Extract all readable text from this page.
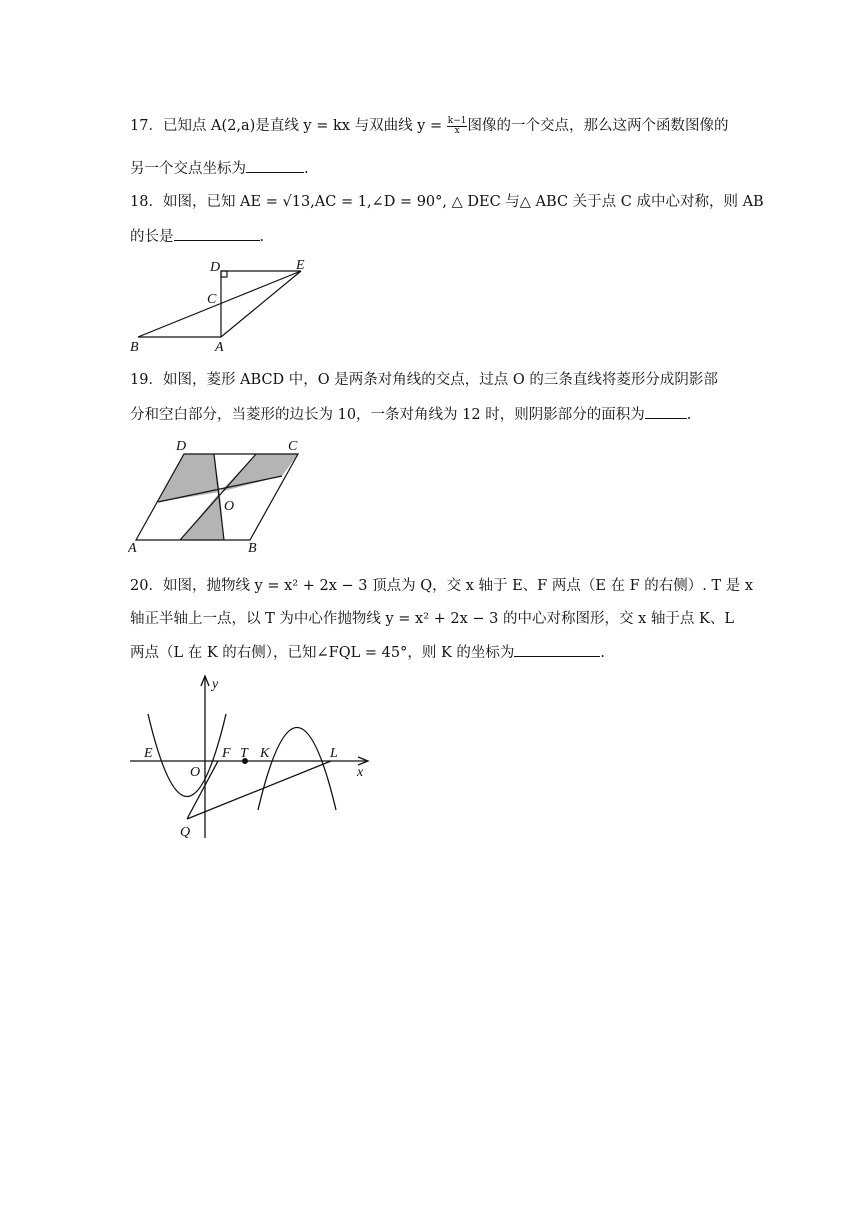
17．已知点 A(2,a)是直线 y = kx 与双曲线 $y = \frac{k-1}{x}$ 图像的一个交点，那么这两个函数图像的
另一个交点坐标为	.
18．如图，已知 AE = √13,AC = 1,∠D = 90°, △ DEC 与△ ABC 关于点 C 成中心对称，则 AB
的长是	.
D	E
C
B	A
19．如图，菱形 ABCD 中，O 是两条对角线的交点，过点 O 的三条直线将菱形分成阴影部
分和空白部分，当菱形的边长为 10，一条对角线为 12 时，则阴影部分的面积为	.
D	C
O
A	B
20．如图，抛物线 y = x² + 2x − 3 顶点为 Q，交 x 轴于 E、F 两点（E 在 F 的右侧）. T 是 x
轴正半轴上一点，以 T 为中心作抛物线 y = x² + 2x − 3 的中心对称图形，交 x 轴于点 K、L
两点（L 在 K 的右侧），已知∠FQL = 45°，则 K 的坐标为	.
y
x
E
O
F T K	L
Q
